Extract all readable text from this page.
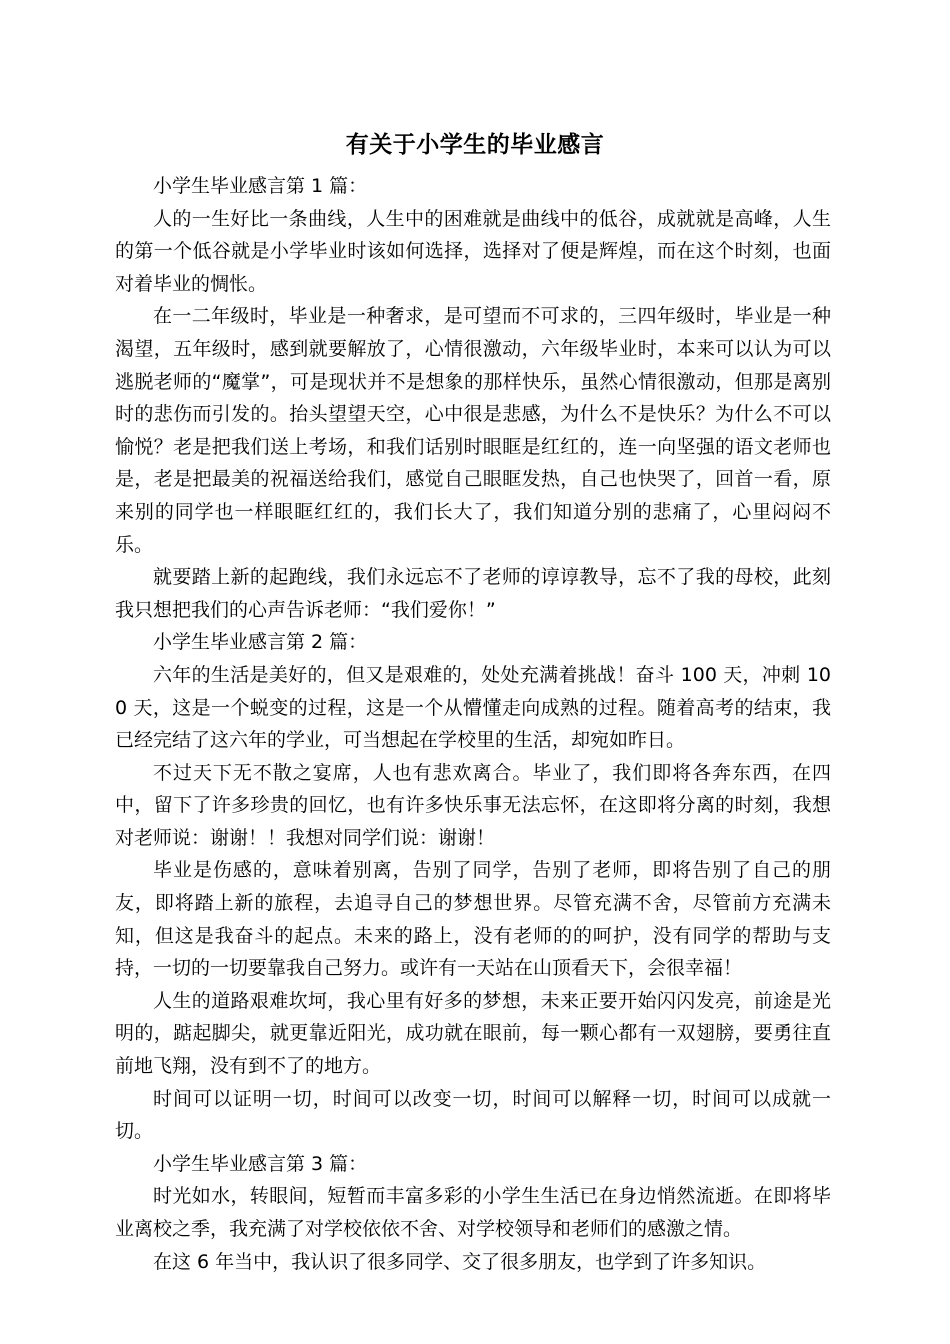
有关于小学生的毕业感言

小学生毕业感言第 1 篇：

人的一生好比一条曲线，人生中的困难就是曲线中的低谷，成就就是高峰，人生的第一个低谷就是小学毕业时该如何选择，选择对了便是辉煌，而在这个时刻，也面对着毕业的惆怅。

在一二年级时，毕业是一种奢求，是可望而不可求的，三四年级时，毕业是一种渴望，五年级时，感到就要解放了，心情很激动，六年级毕业时，本来可以认为可以逃脱老师的“魔掌”，可是现状并不是想象的那样快乐，虽然心情很激动，但那是离别时的悲伤而引发的。抬头望望天空，心中很是悲感，为什么不是快乐？为什么不可以愉悦？老是把我们送上考场，和我们话别时眼眶是红红的，连一向坚强的语文老师也是，老是把最美的祝福送给我们，感觉自己眼眶发热，自己也快哭了，回首一看，原来别的同学也一样眼眶红红的，我们长大了，我们知道分别的悲痛了，心里闷闷不乐。

就要踏上新的起跑线，我们永远忘不了老师的谆谆教导，忘不了我的母校，此刻我只想把我们的心声告诉老师：“我们爱你！”

小学生毕业感言第 2 篇：

六年的生活是美好的，但又是艰难的，处处充满着挑战！奋斗 100 天，冲刺 100 天，这是一个蜕变的过程，这是一个从懵懂走向成熟的过程。随着高考的结束，我已经完结了这六年的学业，可当想起在学校里的生活，却宛如昨日。

不过天下无不散之宴席，人也有悲欢离合。毕业了，我们即将各奔东西，在四中，留下了许多珍贵的回忆，也有许多快乐事无法忘怀，在这即将分离的时刻，我想对老师说：谢谢！！我想对同学们说：谢谢！

毕业是伤感的，意味着别离，告别了同学，告别了老师，即将告别了自己的朋友，即将踏上新的旅程，去追寻自己的梦想世界。尽管充满不舍，尽管前方充满未知，但这是我奋斗的起点。未来的路上，没有老师的的呵护，没有同学的帮助与支持，一切的一切要靠我自己努力。或许有一天站在山顶看天下，会很幸福！

人生的道路艰难坎坷，我心里有好多的梦想，未来正要开始闪闪发亮，前途是光明的，踮起脚尖，就更靠近阳光，成功就在眼前，每一颗心都有一双翅膀，要勇往直前地飞翔，没有到不了的地方。

时间可以证明一切，时间可以改变一切，时间可以解释一切，时间可以成就一切。

小学生毕业感言第 3 篇：

时光如水，转眼间，短暂而丰富多彩的小学生生活已在身边悄然流逝。在即将毕业离校之季，我充满了对学校依依不舍、对学校领导和老师们的感激之情。

在这 6 年当中，我认识了很多同学、交了很多朋友，也学到了许多知识。
